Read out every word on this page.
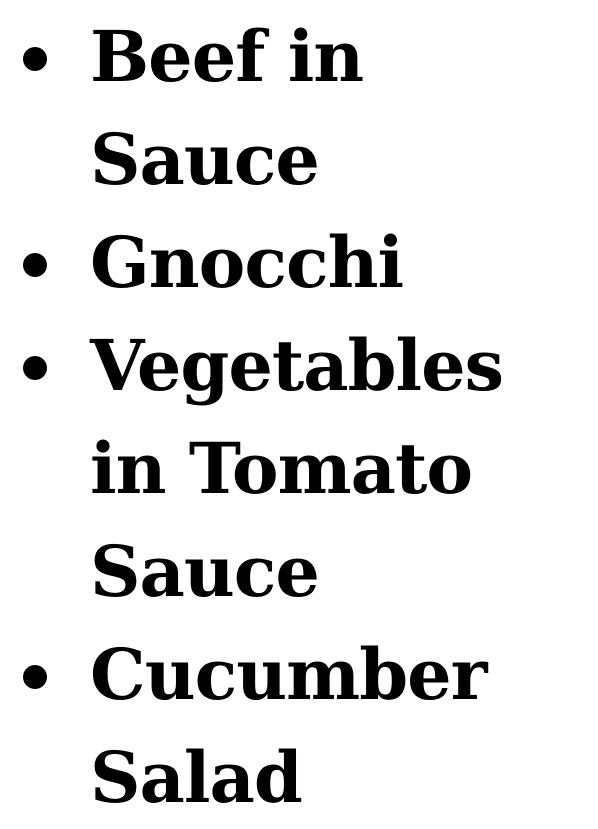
Beef in Sauce
Gnocchi
Vegetables in Tomato Sauce
Cucumber Salad
